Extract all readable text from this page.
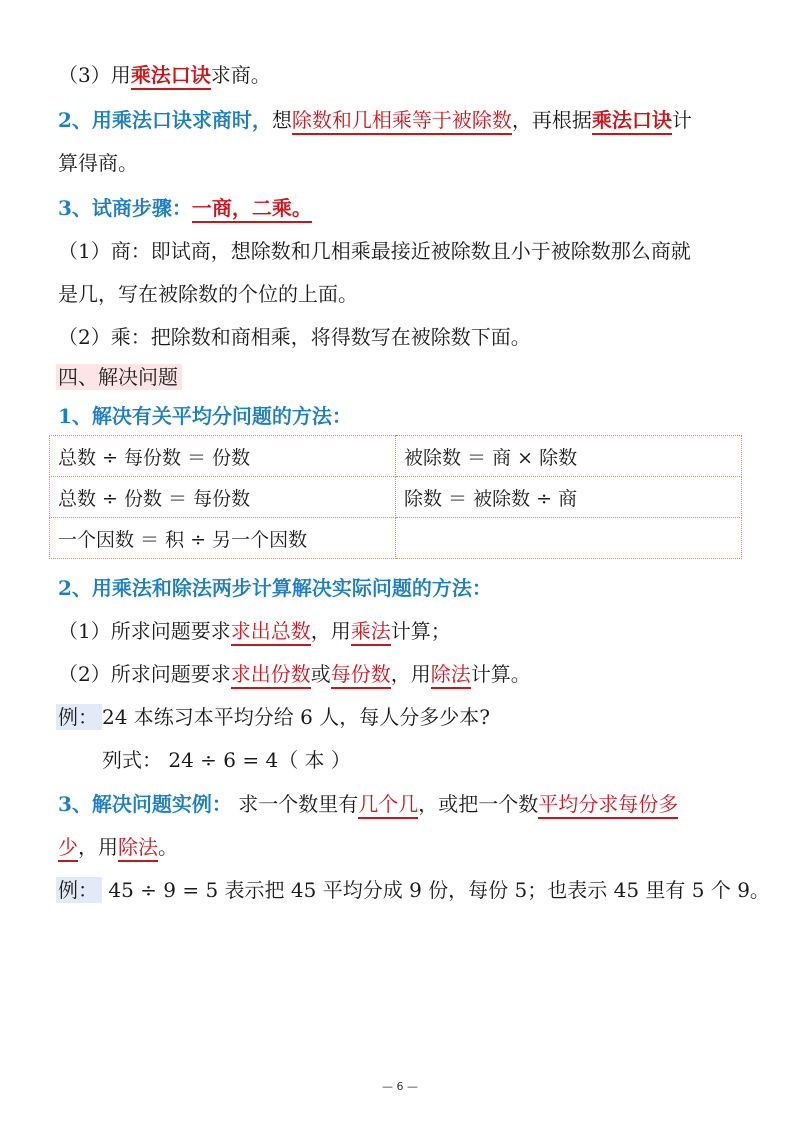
（3）用乘法口诀求商。
2、用乘法口诀求商时，想除数和几相乘等于被除数，再根据乘法口诀计
算得商。
3、试商步骤：一商，二乘。
（1）商：即试商，想除数和几相乘最接近被除数且小于被除数那么商就
是几，写在被除数的个位的上面。
（2）乘：把除数和商相乘，将得数写在被除数下面。
四、解决问题
1、解决有关平均分问题的方法：
总数 ÷ 每份数 ＝ 份数	被除数 ＝ 商 × 除数
总数 ÷ 份数 ＝ 每份数	除数 ＝ 被除数 ÷ 商
一个因数 ＝ 积 ÷ 另一个因数	
2、用乘法和除法两步计算解决实际问题的方法：
（1）所求问题要求求出总数，用乘法计算；
（2）所求问题要求求出份数或每份数，用除法计算。
例： 24 本练习本平均分给 6 人，每人分多少本?
列式： 24 ÷ 6 = 4（ 本 ）
3、解决问题实例： 求一个数里有几个几，或把一个数平均分求每份多
少，用除法。
例： 45 ÷ 9 = 5 表示把 45 平均分成 9 份，每份 5；也表示 45 里有 5 个 9。
— 6 —
